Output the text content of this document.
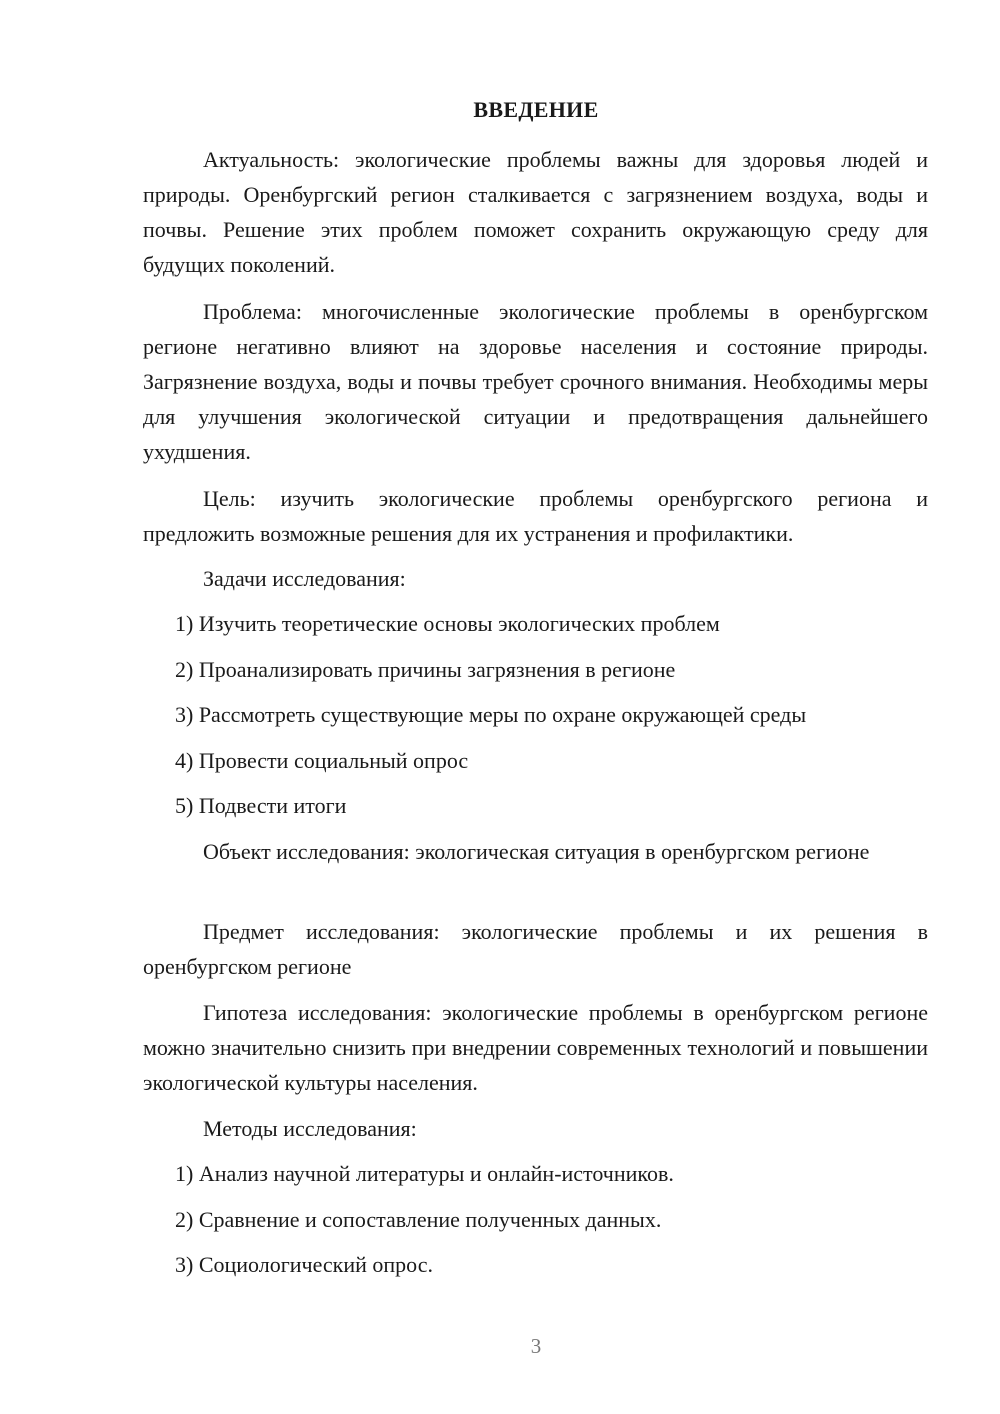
ВВЕДЕНИЕ

Актуальность: экологические проблемы важны для здоровья людей и природы. Оренбургский регион сталкивается с загрязнением воздуха, воды и почвы. Решение этих проблем поможет сохранить окружающую среду для будущих поколений.

Проблема: многочисленные экологические проблемы в оренбургском регионе негативно влияют на здоровье населения и состояние природы. Загрязнение воздуха, воды и почвы требует срочного внимания. Необходимы меры для улучшения экологической ситуации и предотвращения дальнейшего ухудшения.

Цель: изучить экологические проблемы оренбургского региона и предложить возможные решения для их устранения и профилактики.

Задачи исследования:

1) Изучить теоретические основы экологических проблем

2) Проанализировать причины загрязнения в регионе

3) Рассмотреть существующие меры по охране окружающей среды

4) Провести социальный опрос

5) Подвести итоги

Объект исследования: экологическая ситуация в оренбургском регионе

Предмет исследования: экологические проблемы и их решения в оренбургском регионе

Гипотеза исследования: экологические проблемы в оренбургском регионе можно значительно снизить при внедрении современных технологий и повышении экологической культуры населения.

Методы исследования:

1) Анализ научной литературы и онлайн-источников.

2) Сравнение и сопоставление полученных данных.

3) Социологический опрос.

3
